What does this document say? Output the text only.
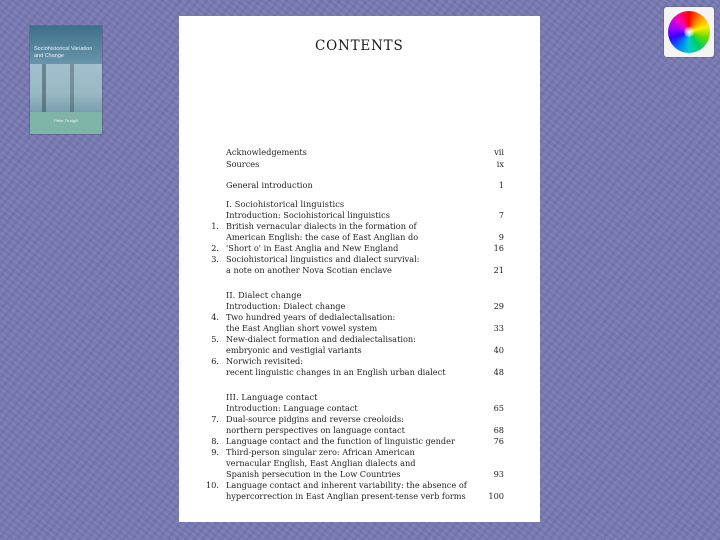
Sociohistorical Variation and Change
Peter Trudgill
CONTENTS
Acknowledgements	vii
Sources	ix
General introduction	1
I. Sociohistorical linguistics
Introduction: Sociohistorical linguistics	7
1. British vernacular dialects in the formation of
American English: the case of East Anglian do	9
2. 'Short o' in East Anglia and New England	16
3. Sociohistorical linguistics and dialect survival:
a note on another Nova Scotian enclave	21
II. Dialect change
Introduction: Dialect change	29
4. Two hundred years of dedialectalisation:
the East Anglian short vowel system	33
5. New-dialect formation and dedialectalisation:
embryonic and vestigial variants	40
6. Norwich revisited:
recent linguistic changes in an English urban dialect	48
III. Language contact
Introduction: Language contact	65
7. Dual-source pidgins and reverse creoloids:
northern perspectives on language contact	68
8. Language contact and the function of linguistic gender	76
9. Third-person singular zero: African American
vernacular English, East Anglian dialects and
Spanish persecution in the Low Countries	93
10. Language contact and inherent variability: the absence of
hypercorrection in East Anglian present-tense verb forms	100
